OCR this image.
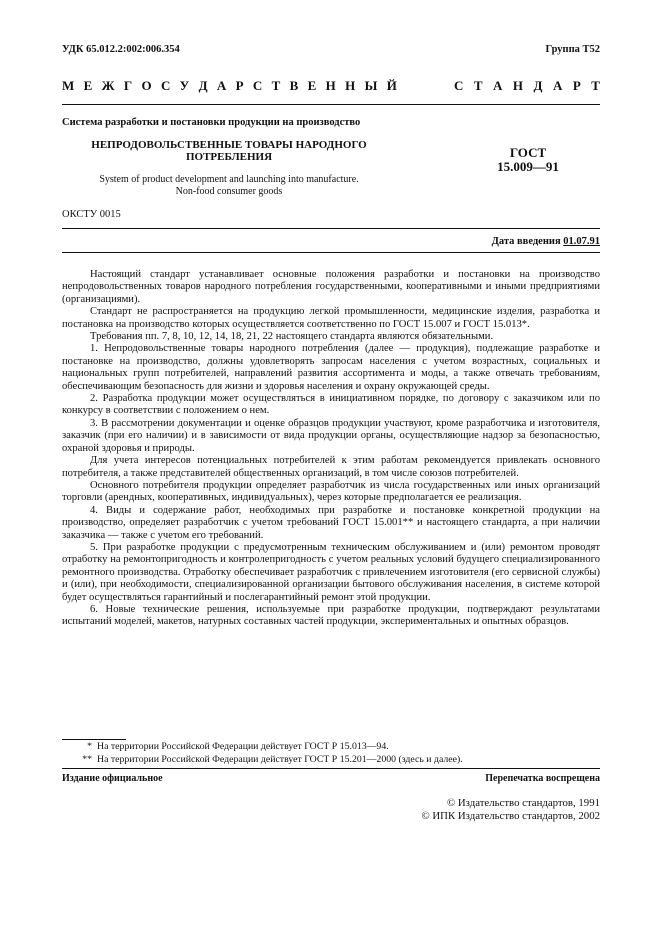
УДК 65.012.2:002:006.354	Группа Т52
М Е Ж Г О С У Д А Р С Т В Е Н Н Ы Й	С Т А Н Д А Р Т
Система разработки и постановки продукции на производство
НЕПРОДОВОЛЬСТВЕННЫЕ ТОВАРЫ НАРОДНОГО
ПОТРЕБЛЕНИЯ
System of product development and launching into manufacture.
Non-food consumer goods
ГОСТ
15.009—91
ОКСТУ 0015
Дата введения 01.07.91

Настоящий стандарт устанавливает основные положения разработки и постановки на производство непродовольственных товаров народного потребления государственными, кооперативными и иными предприятиями (организациями).

Стандарт не распространяется на продукцию легкой промышленности, медицинские изделия, разработка и постановка на производство которых осуществляется соответственно по ГОСТ 15.007 и ГОСТ 15.013*.

Требования пп. 7, 8, 10, 12, 14, 18, 21, 22 настоящего стандарта являются обязательными.

1. Непродовольственные товары народного потребления (далее — продукция), подлежащие разработке и постановке на производство, должны удовлетворять запросам населения с учетом возрастных, социальных и национальных групп потребителей, направлений развития ассортимента и моды, а также отвечать требованиям, обеспечивающим безопасность для жизни и здоровья населения и охрану окружающей среды.

2. Разработка продукции может осуществляться в инициативном порядке, по договору с заказчиком или по конкурсу в соответствии с положением о нем.

3. В рассмотрении документации и оценке образцов продукции участвуют, кроме разработчика и изготовителя, заказчик (при его наличии) и в зависимости от вида продукции органы, осуществляющие надзор за безопасностью, охраной здоровья и природы.

Для учета интересов потенциальных потребителей к этим работам рекомендуется привлекать основного потребителя, а также представителей общественных организаций, в том числе союзов потребителей.

Основного потребителя продукции определяет разработчик из числа государственных или иных организаций торговли (арендных, кооперативных, индивидуальных), через которые предполагается ее реализация.

4. Виды и содержание работ, необходимых при разработке и постановке конкретной продукции на производство, определяет разработчик с учетом требований ГОСТ 15.001** и настоящего стандарта, а при наличии заказчика — также с учетом его требований.

5. При разработке продукции с предусмотренным техническим обслуживанием и (или) ремонтом проводят отработку на ремонтопригодность и контролепригодность с учетом реальных условий будущего специализированного ремонтного производства. Отработку обеспечивает разработчик с привлечением изготовителя (его сервисной службы) и (или), при необходимости, специализированной организации бытового обслуживания населения, в системе которой будет осуществляться гарантийный и послегарантийный ремонт этой продукции.

6. Новые технические решения, используемые при разработке продукции, подтверждают результатами испытаний моделей, макетов, натурных составных частей продукции, экспериментальных и опытных образцов.

* На территории Российской Федерации действует ГОСТ Р 15.013—94.
** На территории Российской Федерации действует ГОСТ Р 15.201—2000 (здесь и далее).
Издание официальное	Перепечатка воспрещена
© Издательство стандартов, 1991
© ИПК Издательство стандартов, 2002
